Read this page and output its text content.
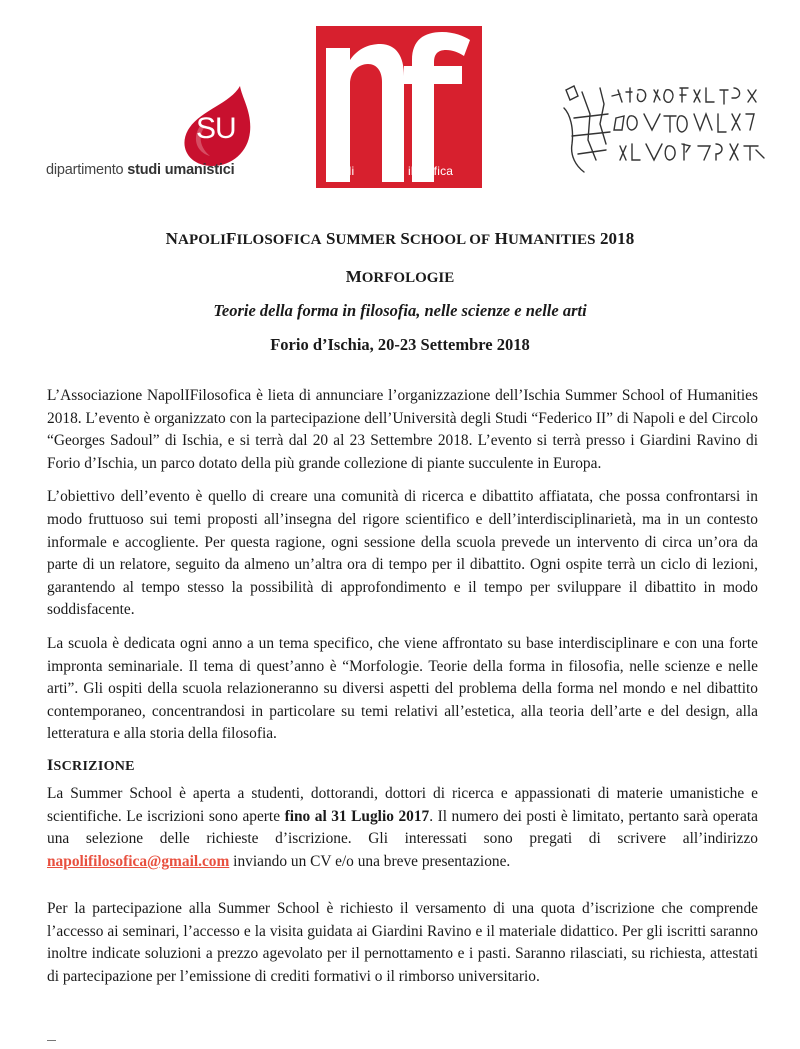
SU
dipartimento studi umanistici	apoli	ilosofica
NAPOLIFILOSOFICA SUMMER SCHOOL OF HUMANITIES 2018
MORFOLOGIE
Teorie della forma in filosofia, nelle scienze e nelle arti
Forio d’Ischia, 20-23 Settembre 2018

L’Associazione NapolIFilosofica è lieta di annunciare l’organizzazione dell’Ischia Summer School of Humanities 2018. L’evento è organizzato con la partecipazione dell’Università degli Studi “Federico II” di Napoli e del Circolo “Georges Sadoul” di Ischia, e si terrà dal 20 al 23 Settembre 2018. L’evento si terrà presso i Giardini Ravino di Forio d’Ischia, un parco dotato della più grande collezione di piante succulente in Europa.

L’obiettivo dell’evento è quello di creare una comunità di ricerca e dibattito affiatata, che possa confrontarsi in modo fruttuoso sui temi proposti all’insegna del rigore scientifico e dell’interdisciplinarietà, ma in un contesto informale e accogliente. Per questa ragione, ogni sessione della scuola prevede un intervento di circa un’ora da parte di un relatore, seguito da almeno un’altra ora di tempo per il dibattito. Ogni ospite terrà un ciclo di lezioni, garantendo al tempo stesso la possibilità di approfondimento e il tempo per sviluppare il dibattito in modo soddisfacente.

La scuola è dedicata ogni anno a un tema specifico, che viene affrontato su base interdisciplinare e con una forte impronta seminariale. Il tema di quest’anno è “Morfologie. Teorie della forma in filosofia, nelle scienze e nelle arti”. Gli ospiti della scuola relazioneranno su diversi aspetti del problema della forma nel mondo e nel dibattito contemporaneo, concentrandosi in particolare su temi relativi all’estetica, alla teoria dell’arte e del design, alla letteratura e alla storia della filosofia.

ISCRIZIONE

La Summer School è aperta a studenti, dottorandi, dottori di ricerca e appassionati di materie umanistiche e scientifiche. Le iscrizioni sono aperte fino al 31 Luglio 2017. Il numero dei posti è limitato, pertanto sarà operata una selezione delle richieste d’iscrizione. Gli interessati sono pregati di scrivere all’indirizzo napolifilosofica@gmail.com inviando un CV e/o una breve presentazione.

Per la partecipazione alla Summer School è richiesto il versamento di una quota d’iscrizione che comprende l’accesso ai seminari, l’accesso e la visita guidata ai Giardini Ravino e il materiale didattico. Per gli iscritti saranno inoltre indicate soluzioni a prezzo agevolato per il pernottamento e i pasti. Saranno rilasciati, su richiesta, attestati di partecipazione per l’emissione di crediti formativi o il rimborso universitario.
